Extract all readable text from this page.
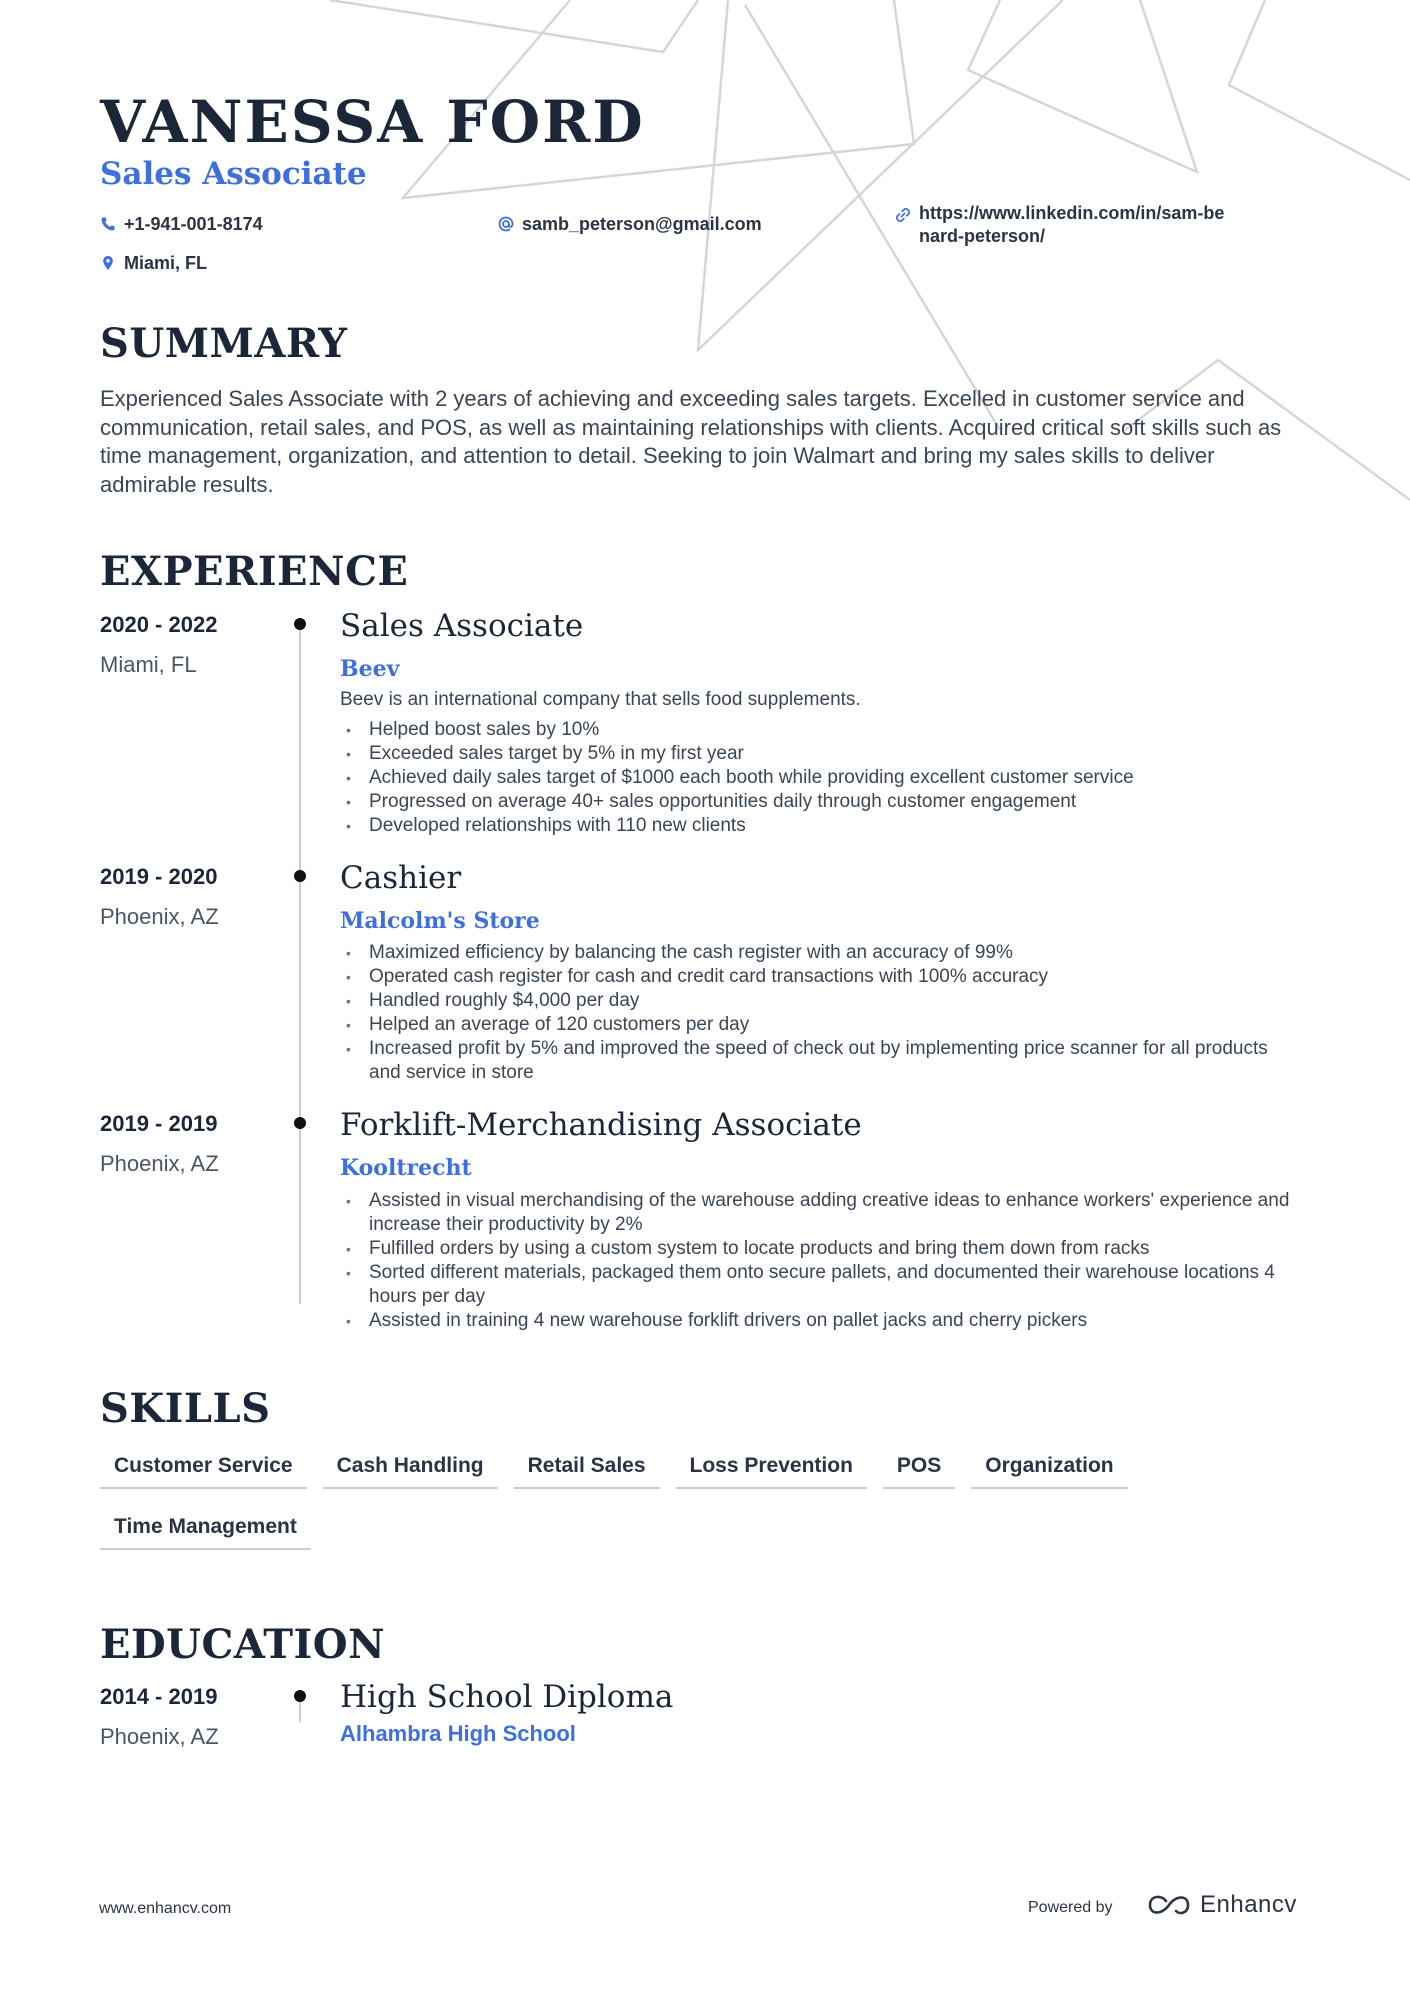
VANESSA FORD
Sales Associate
+1-941-001-8174	samb_peterson@gmail.com
https://www.linkedin.com/in/sam-benard-peterson/
Miami, FL
SUMMARY
Experienced Sales Associate with 2 years of achieving and exceeding sales targets. Excelled in customer service and communication, retail sales, and POS, as well as maintaining relationships with clients. Acquired critical soft skills such as time management, organization, and attention to detail. Seeking to join Walmart and bring my sales skills to deliver admirable results.
EXPERIENCE
2020 - 2022
Miami, FL
Sales Associate
Beev
Beev is an international company that sells food supplements.
• Helped boost sales by 10%
• Exceeded sales target by 5% in my first year
• Achieved daily sales target of $1000 each booth while providing excellent customer service
• Progressed on average 40+ sales opportunities daily through customer engagement
• Developed relationships with 110 new clients
2019 - 2020
Phoenix, AZ
Cashier
Malcolm's Store
• Maximized efficiency by balancing the cash register with an accuracy of 99%
• Operated cash register for cash and credit card transactions with 100% accuracy
• Handled roughly $4,000 per day
• Helped an average of 120 customers per day
• Increased profit by 5% and improved the speed of check out by implementing price scanner for all products and service in store
2019 - 2019
Phoenix, AZ
Forklift-Merchandising Associate
Kooltrecht
• Assisted in visual merchandising of the warehouse adding creative ideas to enhance workers' experience and increase their productivity by 2%
• Fulfilled orders by using a custom system to locate products and bring them down from racks
• Sorted different materials, packaged them onto secure pallets, and documented their warehouse locations 4 hours per day
• Assisted in training 4 new warehouse forklift drivers on pallet jacks and cherry pickers
SKILLS
Customer Service	Cash Handling	Retail Sales	Loss Prevention	POS	Organization
Time Management
EDUCATION
2014 - 2019
Phoenix, AZ
High School Diploma
Alhambra High School
www.enhancv.com	Powered by	Enhancv
